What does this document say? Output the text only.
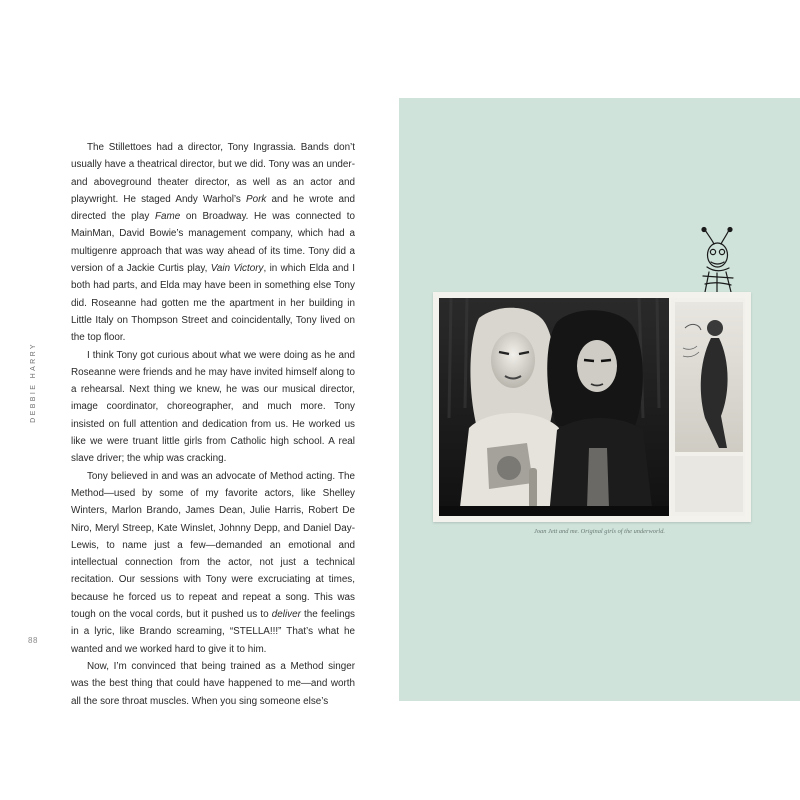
DEBBIE HARRY
88

The Stillettoes had a director, Tony Ingrassia. Bands don’t usually have a theatrical director, but we did. Tony was an under- and aboveground theater director, as well as an actor and playwright. He staged Andy Warhol’s Pork and he wrote and directed the play Fame on Broadway. He was connected to MainMan, David Bowie’s management company, which had a multigenre approach that was way ahead of its time. Tony did a version of a Jackie Curtis play, Vain Victory, in which Elda and I both had parts, and Elda may have been in something else Tony did. Roseanne had gotten me the apartment in her building in Little Italy on Thompson Street and coincidentally, Tony lived on the top floor.

I think Tony got curious about what we were doing as he and Roseanne were friends and he may have invited himself along to a rehearsal. Next thing we knew, he was our musical director, image coordinator, choreographer, and much more. Tony insisted on full attention and dedication from us. He worked us like we were truant little girls from Catholic high school. A real slave driver; the whip was cracking.

Tony believed in and was an advocate of Method acting. The Method—used by some of my favorite actors, like Shelley Winters, Marlon Brando, James Dean, Julie Harris, Robert De Niro, Meryl Streep, Kate Winslet, Johnny Depp, and Daniel Day-Lewis, to name just a few—demanded an emotional and intellectual connection from the actor, not just a technical recitation. Our sessions with Tony were excruciating at times, because he forced us to repeat and repeat a song. This was tough on the vocal cords, but it pushed us to deliver the feelings in a lyric, like Brando screaming, “STELLA!!!” That’s what he wanted and we worked hard to give it to him.

Now, I’m convinced that being trained as a Method singer was the best thing that could have happened to me—and worth all the sore throat muscles. When you sing someone else’s

Joan Jett and me. Original girls of the underworld.
